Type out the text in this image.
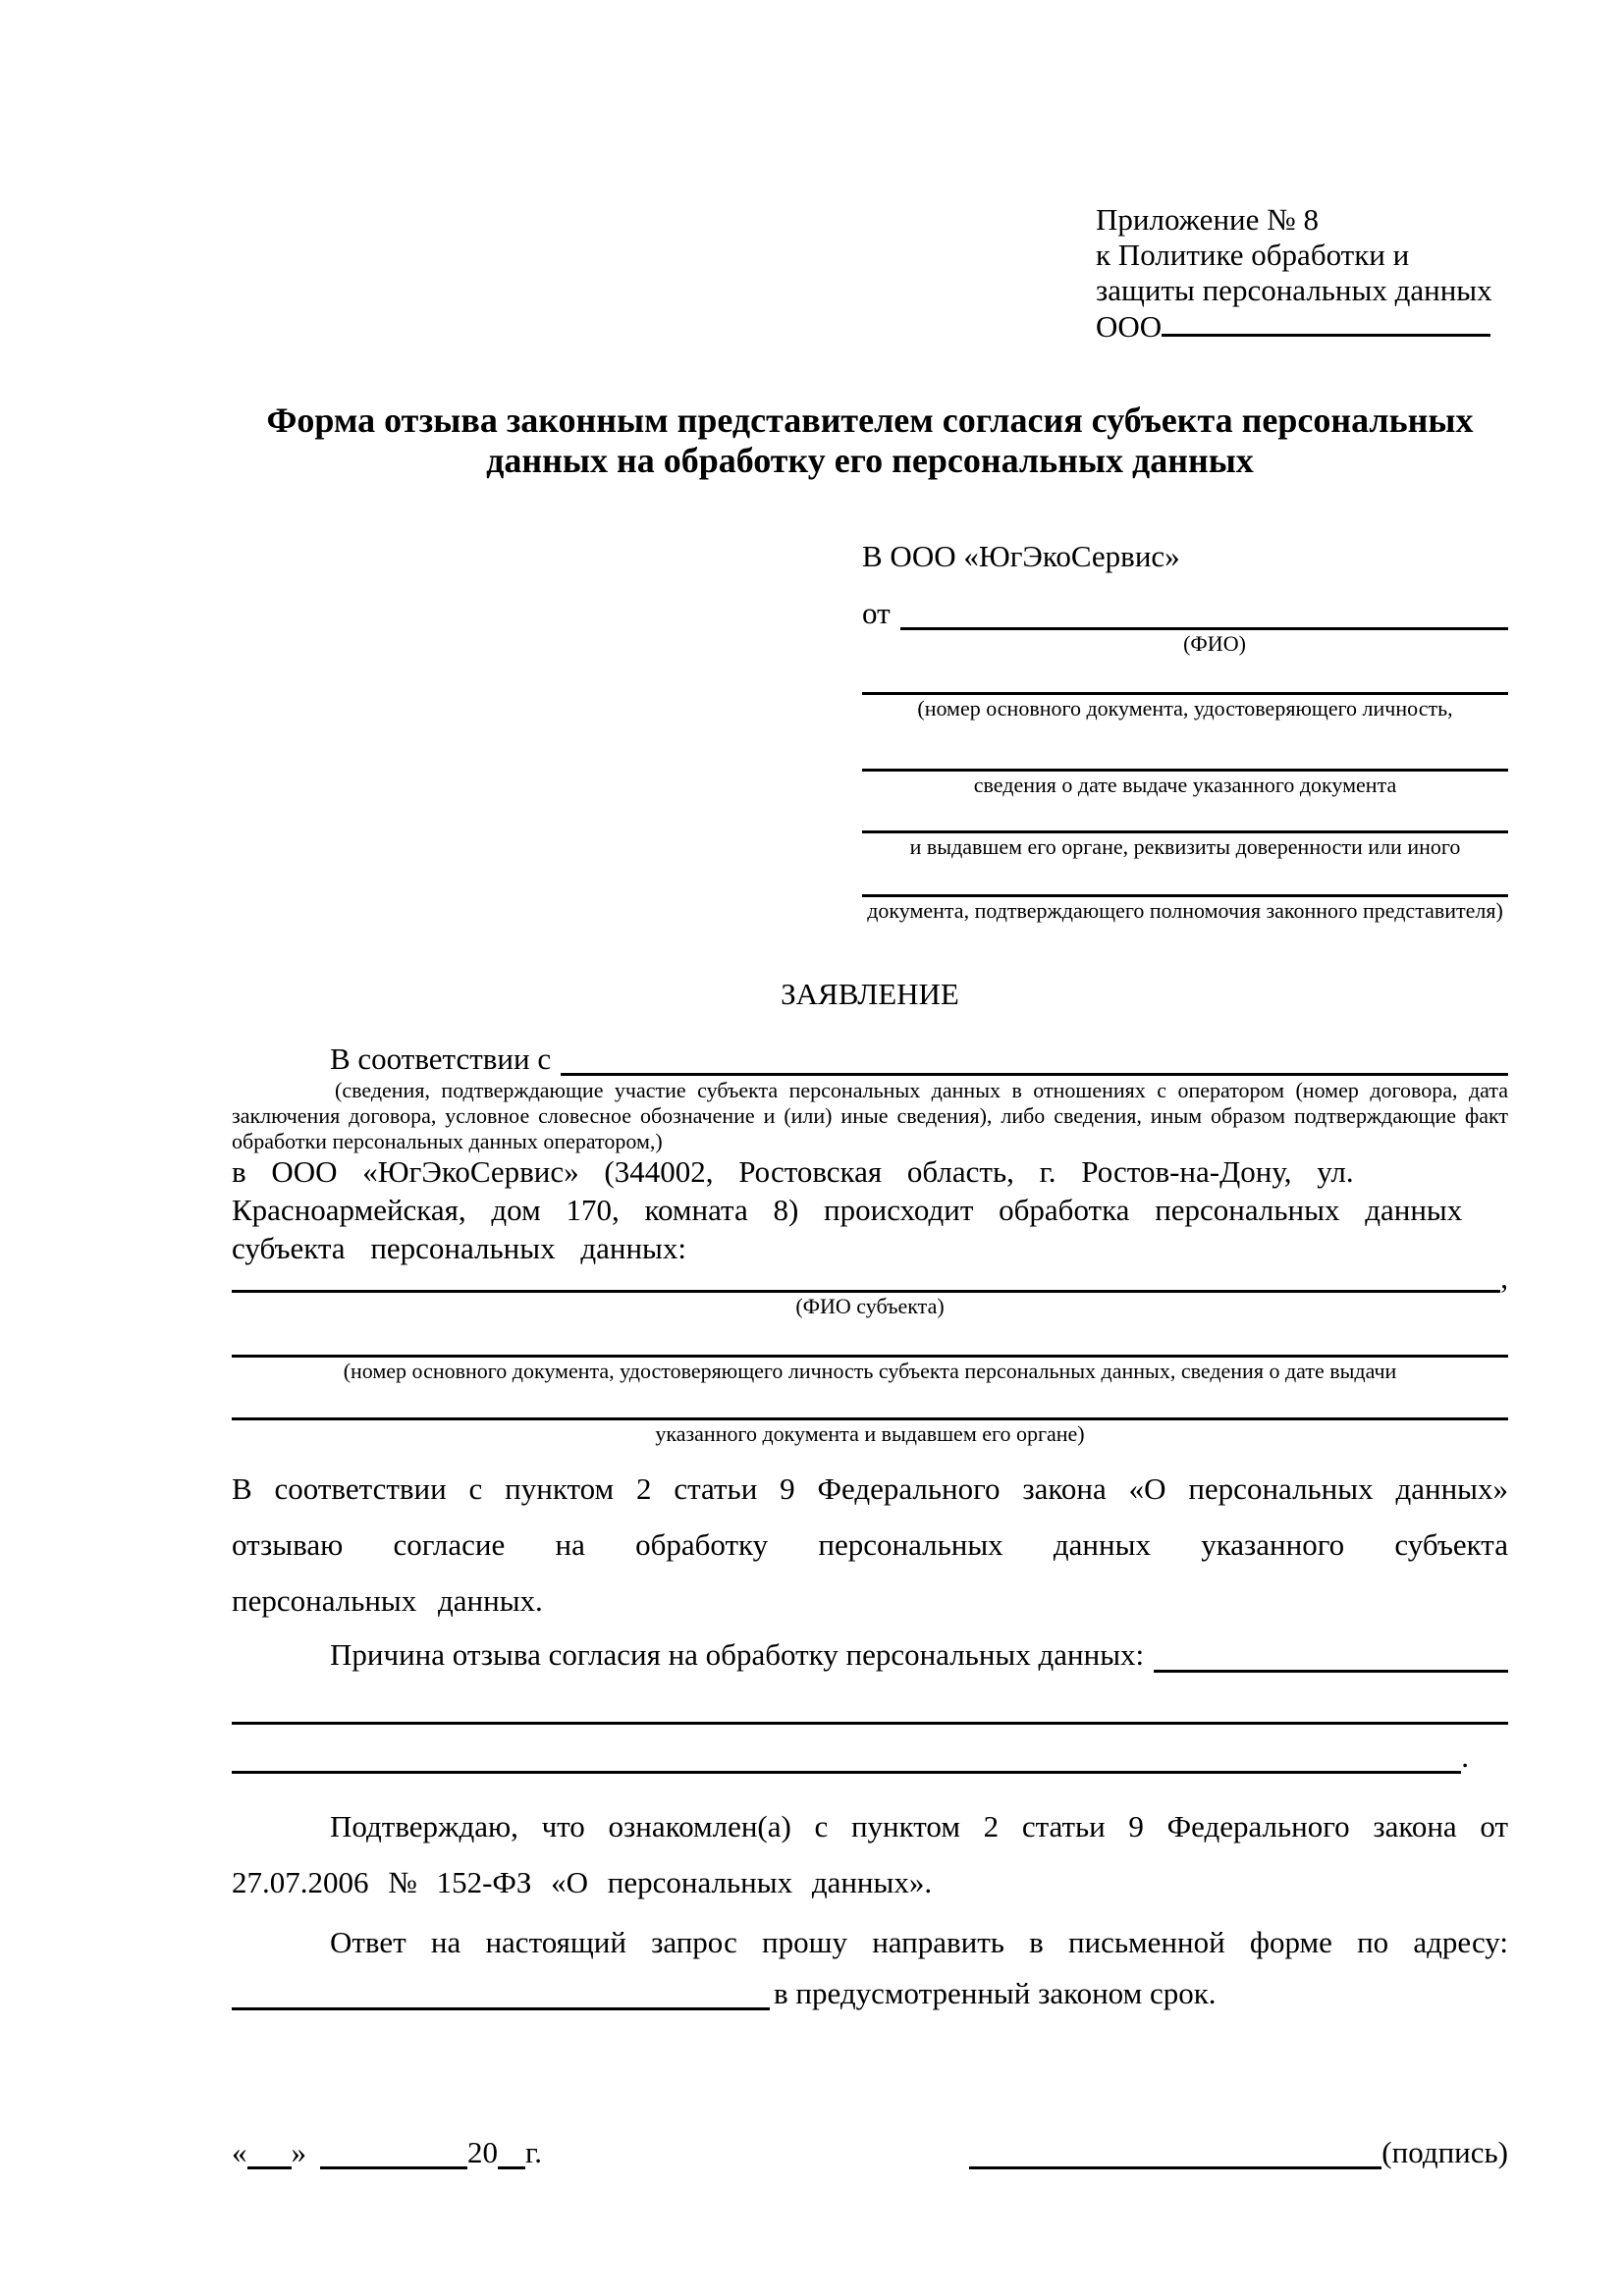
Приложение № 8
к Политике обработки и
защиты персональных данных
ООО
Форма отзыва законным представителем согласия субъекта персональных данных на обработку его персональных данных
В ООО «ЮгЭкоСервис»
от
(ФИО)
(номер основного документа, удостоверяющего личность,
сведения о дате выдаче указанного документа
и выдавшем его органе, реквизиты доверенности или иного
документа, подтверждающего полномочия законного представителя)
ЗАЯВЛЕНИЕ
В соответствии с
(сведения, подтверждающие участие субъекта персональных данных в отношениях с оператором (номер договора, дата заключения договора, условное словесное обозначение и (или) иные сведения), либо сведения, иным образом подтверждающие факт обработки персональных данных оператором,)
в ООО «ЮгЭкоСервис» (344002, Ростовская область, г. Ростов-на-Дону, ул. Красноармейская, дом 170, комната 8) происходит обработка персональных данных субъекта персональных данных:
,
(ФИО субъекта)
(номер основного документа, удостоверяющего личность субъекта персональных данных, сведения о дате выдачи
указанного документа и выдавшем его органе)
В соответствии с пунктом 2 статьи 9 Федерального закона «О персональных данных» отзываю согласие на обработку персональных данных указанного субъекта персональных данных.
Причина отзыва согласия на обработку персональных данных:
.
Подтверждаю, что ознакомлен(а) с пунктом 2 статьи 9 Федерального закона от 27.07.2006 № 152-ФЗ «О персональных данных».
Ответ на настоящий запрос прошу направить в письменной форме по адресу:
в предусмотренный законом срок.
« »	20 г.	(подпись)
